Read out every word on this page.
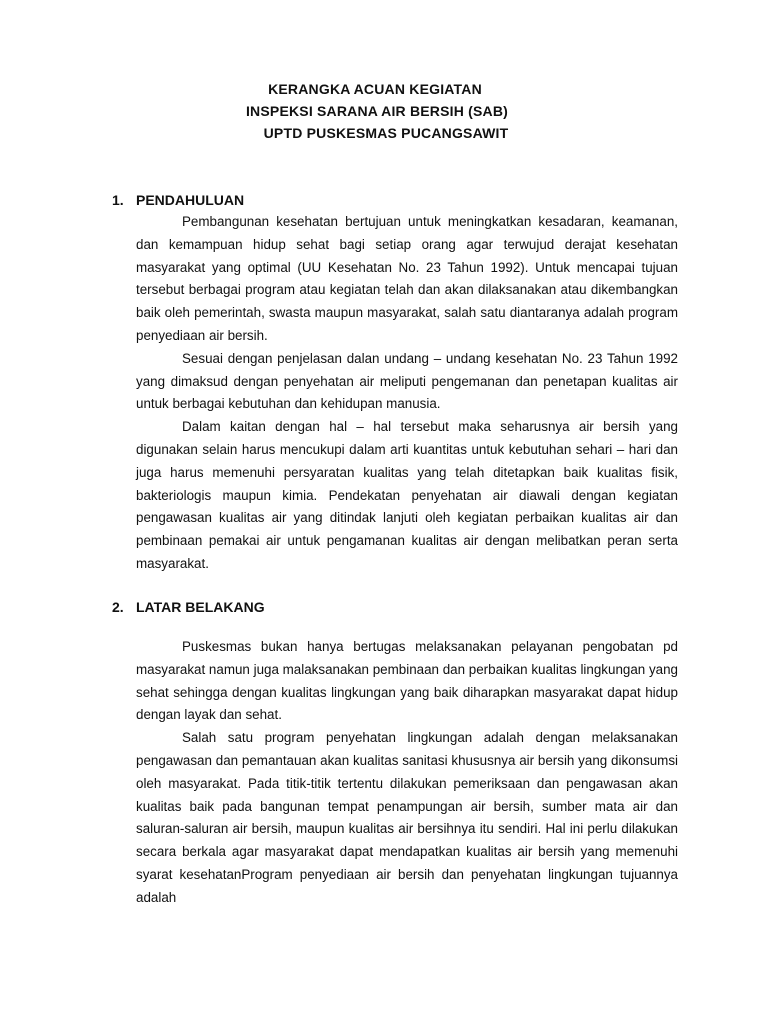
KERANGKA ACUAN KEGIATAN
INSPEKSI SARANA AIR BERSIH (SAB)
UPTD PUSKESMAS PUCANGSAWIT
1. PENDAHULUAN

Pembangunan kesehatan bertujuan untuk meningkatkan kesadaran, keamanan, dan kemampuan hidup sehat bagi setiap orang agar terwujud derajat kesehatan masyarakat yang optimal (UU Kesehatan No. 23 Tahun 1992). Untuk mencapai tujuan tersebut berbagai program atau kegiatan telah dan akan dilaksanakan atau dikembangkan baik oleh pemerintah, swasta maupun masyarakat, salah satu diantaranya adalah program penyediaan air bersih.

Sesuai dengan penjelasan dalan undang – undang kesehatan No. 23 Tahun 1992 yang dimaksud dengan penyehatan air meliputi pengemanan dan penetapan kualitas air untuk berbagai kebutuhan dan kehidupan manusia.

Dalam kaitan dengan hal – hal tersebut maka seharusnya air bersih yang digunakan selain harus mencukupi dalam arti kuantitas untuk kebutuhan sehari – hari dan juga harus memenuhi persyaratan kualitas yang telah ditetapkan baik kualitas fisik, bakteriologis maupun kimia. Pendekatan penyehatan air diawali dengan kegiatan pengawasan kualitas air yang ditindak lanjuti oleh kegiatan perbaikan kualitas air dan pembinaan pemakai air untuk pengamanan kualitas air dengan melibatkan peran serta masyarakat.

2. LATAR BELAKANG

Puskesmas bukan hanya bertugas melaksanakan pelayanan pengobatan pd masyarakat namun juga malaksanakan pembinaan dan perbaikan kualitas lingkungan yang sehat sehingga dengan kualitas lingkungan yang baik diharapkan masyarakat dapat hidup dengan layak dan sehat.

Salah satu program penyehatan lingkungan adalah dengan melaksanakan pengawasan dan pemantauan akan kualitas sanitasi khususnya air bersih yang dikonsumsi oleh masyarakat. Pada titik-titik tertentu dilakukan pemeriksaan dan pengawasan akan kualitas baik pada bangunan tempat penampungan air bersih, sumber mata air dan saluran-saluran air bersih, maupun kualitas air bersihnya itu sendiri. Hal ini perlu dilakukan secara berkala agar masyarakat dapat mendapatkan kualitas air bersih yang memenuhi syarat kesehatanProgram penyediaan air bersih dan penyehatan lingkungan tujuannya adalah
